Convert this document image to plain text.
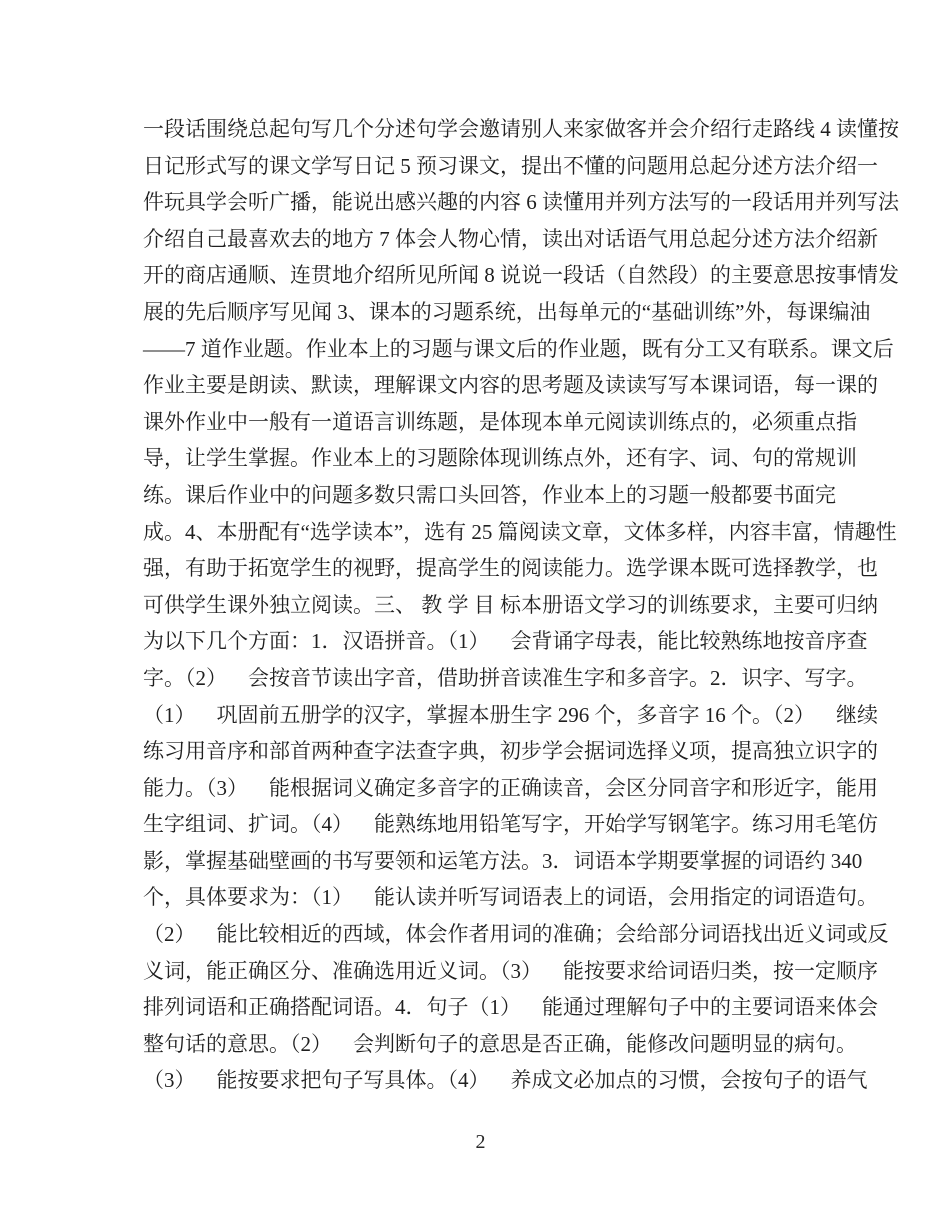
一段话围绕总起句写几个分述句学会邀请别人来家做客并会介绍行走路线 4 读懂按
日记形式写的课文学写日记 5 预习课文，提出不懂的问题用总起分述方法介绍一
件玩具学会听广播，能说出感兴趣的内容 6 读懂用并列方法写的一段话用并列写法
介绍自己最喜欢去的地方 7 体会人物心情，读出对话语气用总起分述方法介绍新
开的商店通顺、连贯地介绍所见所闻 8 说说一段话（自然段）的主要意思按事情发
展的先后顺序写见闻 3、课本的习题系统，出每单元的“基础训练”外，每课编油
——7 道作业题。作业本上的习题与课文后的作业题，既有分工又有联系。课文后
作业主要是朗读、默读，理解课文内容的思考题及读读写写本课词语，每一课的
课外作业中一般有一道语言训练题，是体现本单元阅读训练点的，必须重点指
导，让学生掌握。作业本上的习题除体现训练点外，还有字、词、句的常规训
练。课后作业中的问题多数只需口头回答，作业本上的习题一般都要书面完
成。4、本册配有“选学读本”，选有 25 篇阅读文章，文体多样，内容丰富，情趣性
强，有助于拓宽学生的视野，提高学生的阅读能力。选学课本既可选择教学，也
可供学生课外独立阅读。三、 教 学 目 标本册语文学习的训练要求，主要可归纳
为以下几个方面：1．汉语拼音。（1）    会背诵字母表，能比较熟练地按音序查
字。（2）    会按音节读出字音，借助拼音读准生字和多音字。2．识字、写字。
（1）    巩固前五册学的汉字，掌握本册生字 296 个，多音字 16 个。（2）    继续
练习用音序和部首两种查字法查字典，初步学会据词选择义项，提高独立识字的
能力。（3）    能根据词义确定多音字的正确读音，会区分同音字和形近字，能用
生字组词、扩词。（4）    能熟练地用铅笔写字，开始学写钢笔字。练习用毛笔仿
影，掌握基础壁画的书写要领和运笔方法。3．词语本学期要掌握的词语约 340
个，具体要求为：（1）    能认读并听写词语表上的词语，会用指定的词语造句。
（2）    能比较相近的西域，体会作者用词的准确；会给部分词语找出近义词或反
义词，能正确区分、准确选用近义词。（3）    能按要求给词语归类，按一定顺序
排列词语和正确搭配词语。4．句子（1）    能通过理解句子中的主要词语来体会
整句话的意思。（2）    会判断句子的意思是否正确，能修改问题明显的病句。
（3）    能按要求把句子写具体。（4）    养成文必加点的习惯，会按句子的语气
2
